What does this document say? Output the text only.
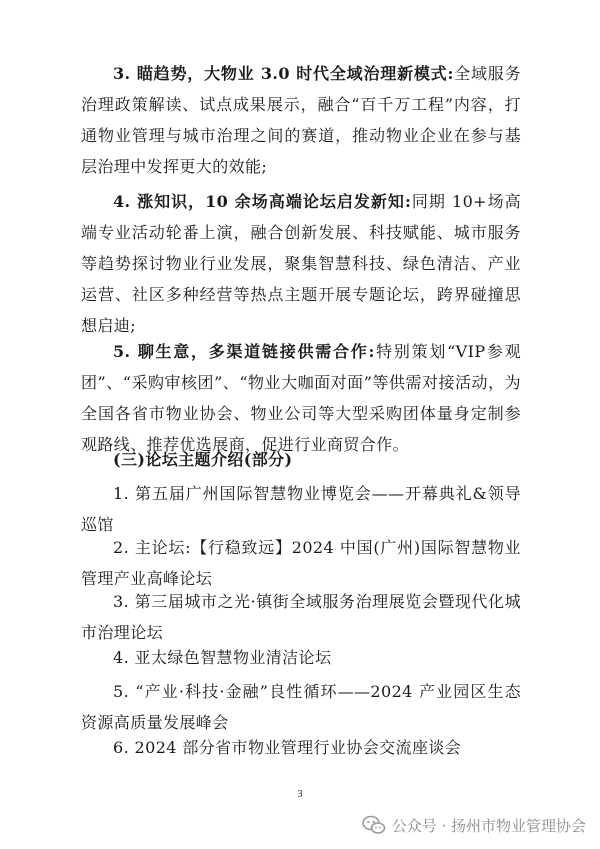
3. 瞄趋势，大物业 3.0 时代全域治理新模式:全域服务治理政策解读、试点成果展示，融合“百千万工程”内容，打通物业管理与城市治理之间的赛道，推动物业企业在参与基层治理中发挥更大的效能;

4. 涨知识，10 余场高端论坛启发新知:同期 10+场高端专业活动轮番上演，融合创新发展、科技赋能、城市服务等趋势探讨物业行业发展，聚集智慧科技、绿色清洁、产业运营、社区多种经营等热点主题开展专题论坛，跨界碰撞思想启迪;

5. 聊生意，多渠道链接供需合作:特别策划“VIP参观团”、“采购审核团”、“物业大咖面对面”等供需对接活动，为全国各省市物业协会、物业公司等大型采购团体量身定制参观路线、推荐优选展商，促进行业商贸合作。

(三)论坛主题介绍(部分)

1. 第五届广州国际智慧物业博览会——开幕典礼&领导巡馆

2. 主论坛:【行稳致远】2024 中国(广州)国际智慧物业管理产业高峰论坛

3. 第三届城市之光·镇街全域服务治理展览会暨现代化城市治理论坛

4. 亚太绿色智慧物业清洁论坛

5. “产业·科技·金融”良性循环——2024 产业园区生态资源高质量发展峰会

6. 2024 部分省市物业管理行业协会交流座谈会

3
公众号 · 扬州市物业管理协会
